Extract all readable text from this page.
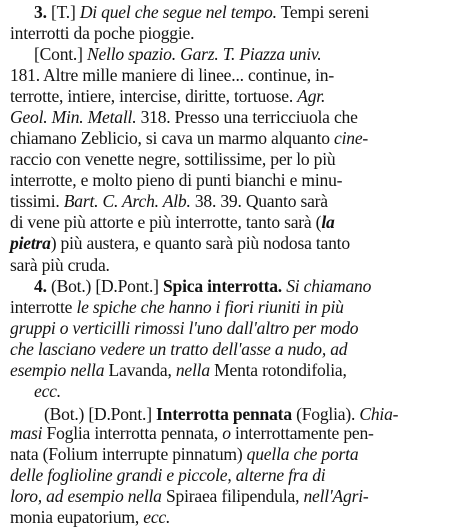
3. [T.] Di quel che segue nel tempo. Tempi sereni
interrotti da poche pioggie.
[Cont.] Nello spazio. Garz. T. Piazza univ.
181. Altre mille maniere di linee... continue, in-
terrotte, intiere, intercise, diritte, tortuose. Agr.
Geol. Min. Metall. 318. Presso una terricciuola che
chiamano Zeblicio, si cava un marmo alquanto cine-
raccio con venette negre, sottilissime, per lo più
interrotte, e molto pieno di punti bianchi e minu-
tissimi. Bart. C. Arch. Alb. 38. 39. Quanto sarà
di vene più attorte e più interrotte, tanto sarà (la
pietra) più austera, e quanto sarà più nodosa tanto
sarà più cruda.
4. (Bot.) [D.Pont.] Spica interrotta. Si chiamano
interrotte le spiche che hanno i fiori riuniti in più
gruppi o verticilli rimossi l'uno dall'altro per modo
che lasciano vedere un tratto dell'asse a nudo, ad
esempio nella Lavanda, nella Menta rotondifolia,
ecc.
(Bot.) [D.Pont.] Interrotta pennata (Foglia). Chia-
masi Foglia interrotta pennata, o interrottamente pen-
nata (Folium interrupte pinnatum) quella che porta
delle foglioline grandi e piccole, alterne fra di
loro, ad esempio nella Spiraea filipendula, nell'Agri-
monia eupatorium, ecc.
